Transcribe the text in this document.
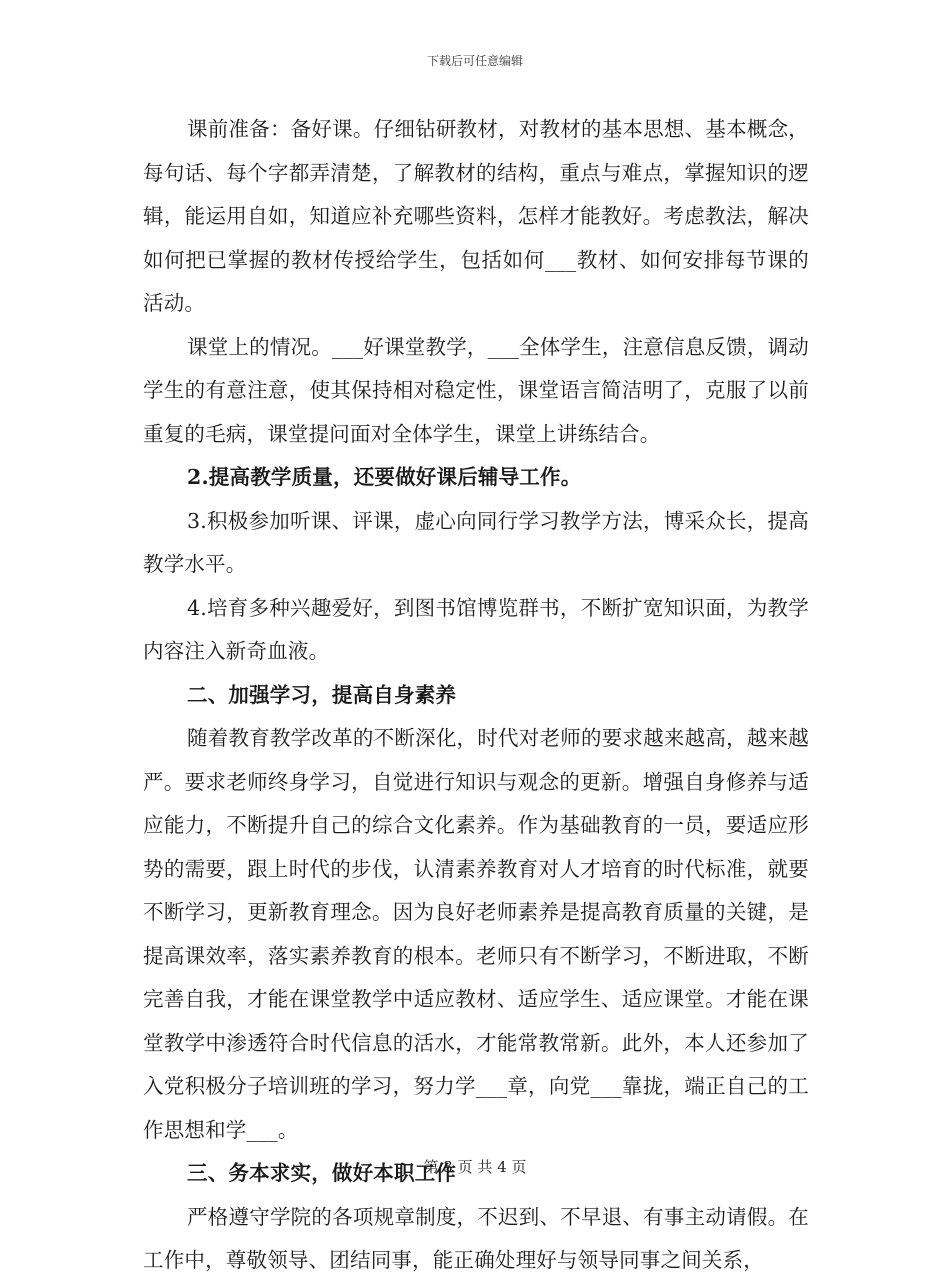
下载后可任意编辑

课前准备：备好课。仔细钻研教材，对教材的基本思想、基本概念，每句话、每个字都弄清楚，了解教材的结构，重点与难点，掌握知识的逻辑，能运用自如，知道应补充哪些资料，怎样才能教好。考虑教法，解决如何把已掌握的教材传授给学生，包括如何___教材、如何安排每节课的活动。

课堂上的情况。___好课堂教学，___全体学生，注意信息反馈，调动学生的有意注意，使其保持相对稳定性，课堂语言简洁明了，克服了以前重复的毛病，课堂提问面对全体学生，课堂上讲练结合。

2.提高教学质量，还要做好课后辅导工作。

3.积极参加听课、评课，虚心向同行学习教学方法，博采众长，提高教学水平。

4.培育多种兴趣爱好，到图书馆博览群书，不断扩宽知识面，为教学内容注入新奇血液。

二、加强学习，提高自身素养

随着教育教学改革的不断深化，时代对老师的要求越来越高，越来越严。要求老师终身学习，自觉进行知识与观念的更新。增强自身修养与适应能力，不断提升自己的综合文化素养。作为基础教育的一员，要适应形势的需要，跟上时代的步伐，认清素养教育对人才培育的时代标准，就要不断学习，更新教育理念。因为良好老师素养是提高教育质量的关键，是提高课效率，落实素养教育的根本。老师只有不断学习，不断进取，不断完善自我，才能在课堂教学中适应教材、适应学生、适应课堂。才能在课堂教学中渗透符合时代信息的活水，才能常教常新。此外，本人还参加了入党积极分子培训班的学习，努力学___章，向党___靠拢，端正自己的工作思想和学___。

三、务本求实，做好本职工作

严格遵守学院的各项规章制度，不迟到、不早退、有事主动请假。在工作中，尊敬领导、团结同事，能正确处理好与领导同事之间关系，

第 3 页 共 4 页
